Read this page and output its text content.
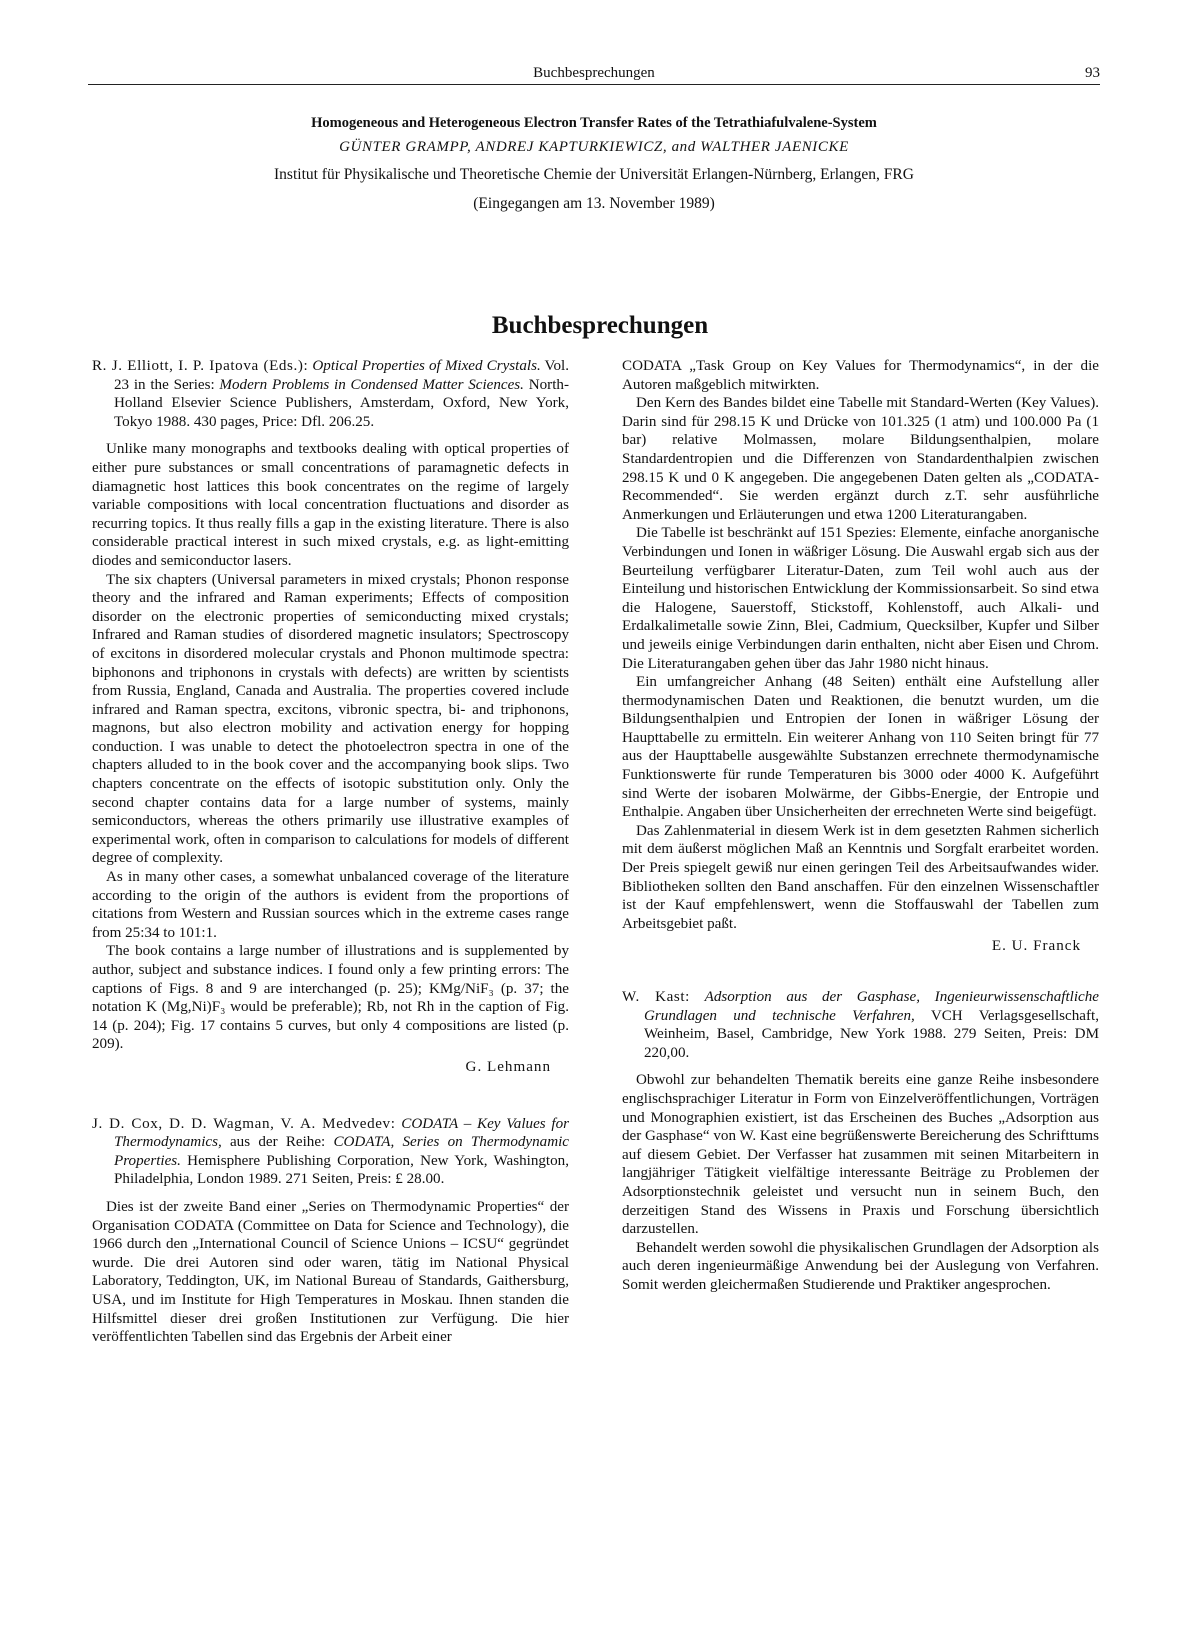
Buchbesprechungen	93
Homogeneous and Heterogeneous Electron Transfer Rates of the Tetrathiafulvalene-System
GÜNTER GRAMPP, ANDREJ KAPTURKIEWICZ, and WALTHER JAENICKE
Institut für Physikalische und Theoretische Chemie der Universität Erlangen-Nürnberg, Erlangen, FRG
(Eingegangen am 13. November 1989)
Buchbesprechungen

R. J. Elliott, I. P. Ipatova (Eds.): Optical Properties of Mixed Crystals. Vol. 23 in the Series: Modern Problems in Condensed Matter Sciences. North-Holland Elsevier Science Publishers, Amsterdam, Oxford, New York, Tokyo 1988. 430 pages, Price: Dfl. 206.25.

Unlike many monographs and textbooks dealing with optical properties of either pure substances or small concentrations of paramagnetic defects in diamagnetic host lattices this book concentrates on the regime of largely variable compositions with local concentration fluctuations and disorder as recurring topics. It thus really fills a gap in the existing literature. There is also considerable practical interest in such mixed crystals, e.g. as light-emitting diodes and semiconductor lasers.

The six chapters (Universal parameters in mixed crystals; Phonon response theory and the infrared and Raman experiments; Effects of composition disorder on the electronic properties of semiconducting mixed crystals; Infrared and Raman studies of disordered magnetic insulators; Spectroscopy of excitons in disordered molecular crystals and Phonon multimode spectra: biphonons and triphonons in crystals with defects) are written by scientists from Russia, England, Canada and Australia. The properties covered include infrared and Raman spectra, excitons, vibronic spectra, bi- and triphonons, magnons, but also electron mobility and activation energy for hopping conduction. I was unable to detect the photoelectron spectra in one of the chapters alluded to in the book cover and the accompanying book slips. Two chapters concentrate on the effects of isotopic substitution only. Only the second chapter contains data for a large number of systems, mainly semiconductors, whereas the others primarily use illustrative examples of experimental work, often in comparison to calculations for models of different degree of complexity.

As in many other cases, a somewhat unbalanced coverage of the literature according to the origin of the authors is evident from the proportions of citations from Western and Russian sources which in the extreme cases range from 25:34 to 101:1.

The book contains a large number of illustrations and is supplemented by author, subject and substance indices. I found only a few printing errors: The captions of Figs. 8 and 9 are interchanged (p. 25); KMg/NiF₃ (p. 37; the notation K (Mg,Ni)F₃ would be preferable); Rb, not Rh in the caption of Fig. 14 (p. 204); Fig. 17 contains 5 curves, but only 4 compositions are listed (p. 209).

G. Lehmann

J. D. Cox, D. D. Wagman, V. A. Medvedev: CODATA – Key Values for Thermodynamics, aus der Reihe: CODATA, Series on Thermodynamic Properties. Hemisphere Publishing Corporation, New York, Washington, Philadelphia, London 1989. 271 Seiten, Preis: £ 28.00.

Dies ist der zweite Band einer „Series on Thermodynamic Properties“ der Organisation CODATA (Committee on Data for Science and Technology), die 1966 durch den „International Council of Science Unions – ICSU“ gegründet wurde. Die drei Autoren sind oder waren, tätig im National Physical Laboratory, Teddington, UK, im National Bureau of Standards, Gaithersburg, USA, und im Institute for High Temperatures in Moskau. Ihnen standen die Hilfsmittel dieser drei großen Institutionen zur Verfügung. Die hier veröffentlichten Tabellen sind das Ergebnis der Arbeit einer

CODATA „Task Group on Key Values for Thermodynamics“, in der die Autoren maßgeblich mitwirkten.

Den Kern des Bandes bildet eine Tabelle mit Standard-Werten (Key Values). Darin sind für 298.15 K und Drücke von 101.325 (1 atm) und 100.000 Pa (1 bar) relative Molmassen, molare Bildungsenthalpien, molare Standardentropien und die Differenzen von Standardenthalpien zwischen 298.15 K und 0 K angegeben. Die angegebenen Daten gelten als „CODATA-Recommended“. Sie werden ergänzt durch z.T. sehr ausführliche Anmerkungen und Erläuterungen und etwa 1200 Literaturangaben.

Die Tabelle ist beschränkt auf 151 Spezies: Elemente, einfache anorganische Verbindungen und Ionen in wäßriger Lösung. Die Auswahl ergab sich aus der Beurteilung verfügbarer Literatur-Daten, zum Teil wohl auch aus der Einteilung und historischen Entwicklung der Kommissionsarbeit. So sind etwa die Halogene, Sauerstoff, Stickstoff, Kohlenstoff, auch Alkali- und Erdalkalimetalle sowie Zinn, Blei, Cadmium, Quecksilber, Kupfer und Silber und jeweils einige Verbindungen darin enthalten, nicht aber Eisen und Chrom. Die Literaturangaben gehen über das Jahr 1980 nicht hinaus.

Ein umfangreicher Anhang (48 Seiten) enthält eine Aufstellung aller thermodynamischen Daten und Reaktionen, die benutzt wurden, um die Bildungsenthalpien und Entropien der Ionen in wäßriger Lösung der Haupttabelle zu ermitteln. Ein weiterer Anhang von 110 Seiten bringt für 77 aus der Haupttabelle ausgewählte Substanzen errechnete thermodynamische Funktionswerte für runde Temperaturen bis 3000 oder 4000 K. Aufgeführt sind Werte der isobaren Molwärme, der Gibbs-Energie, der Entropie und Enthalpie. Angaben über Unsicherheiten der errechneten Werte sind beigefügt.

Das Zahlenmaterial in diesem Werk ist in dem gesetzten Rahmen sicherlich mit dem äußerst möglichen Maß an Kenntnis und Sorgfalt erarbeitet worden. Der Preis spiegelt gewiß nur einen geringen Teil des Arbeitsaufwandes wider. Bibliotheken sollten den Band anschaffen. Für den einzelnen Wissenschaftler ist der Kauf empfehlenswert, wenn die Stoffauswahl der Tabellen zum Arbeitsgebiet paßt.

E. U. Franck

W. Kast: Adsorption aus der Gasphase, Ingenieurwissenschaftliche Grundlagen und technische Verfahren, VCH Verlagsgesellschaft, Weinheim, Basel, Cambridge, New York 1988. 279 Seiten, Preis: DM 220,00.

Obwohl zur behandelten Thematik bereits eine ganze Reihe insbesondere englischsprachiger Literatur in Form von Einzelveröffentlichungen, Vorträgen und Monographien existiert, ist das Erscheinen des Buches „Adsorption aus der Gasphase“ von W. Kast eine begrüßenswerte Bereicherung des Schrifttums auf diesem Gebiet. Der Verfasser hat zusammen mit seinen Mitarbeitern in langjähriger Tätigkeit vielfältige interessante Beiträge zu Problemen der Adsorptionstechnik geleistet und versucht nun in seinem Buch, den derzeitigen Stand des Wissens in Praxis und Forschung übersichtlich darzustellen.

Behandelt werden sowohl die physikalischen Grundlagen der Adsorption als auch deren ingenieurmäßige Anwendung bei der Auslegung von Verfahren. Somit werden gleichermaßen Studierende und Praktiker angesprochen.
